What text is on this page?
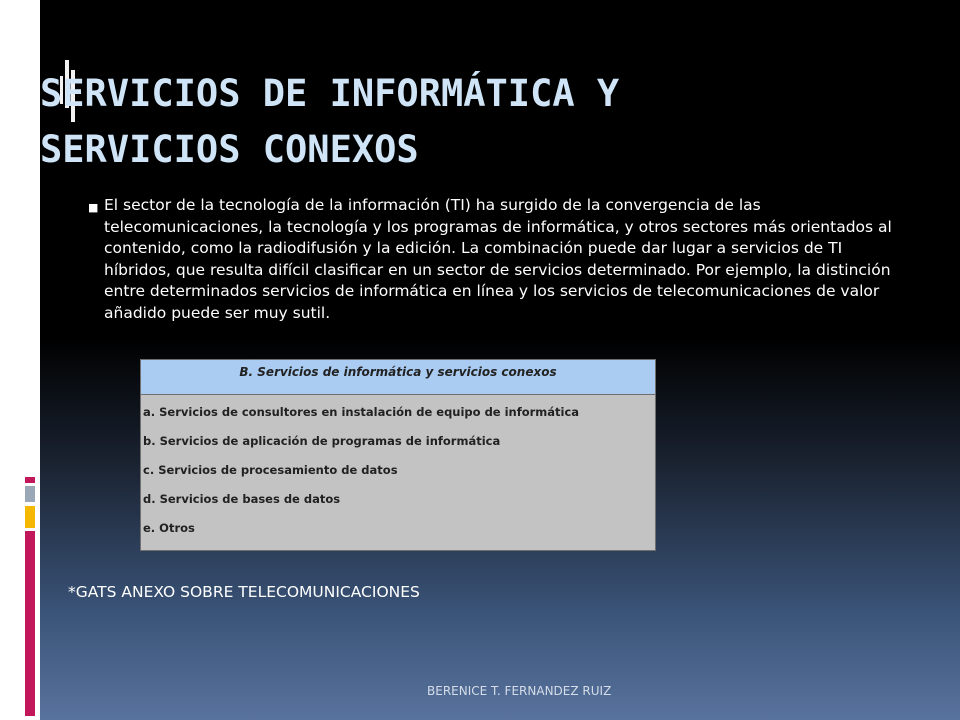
SERVICIOS DE INFORMÁTICA Y
SERVICIOS CONEXOS
■ El sector de la tecnología de la información (TI) ha surgido de la convergencia de las telecomunicaciones, la tecnología y los programas de informática, y otros sectores más orientados al contenido, como la radiodifusión y la edición. La combinación puede dar lugar a servicios de TI híbridos, que resulta difícil clasificar en un sector de servicios determinado. Por ejemplo, la distinción entre determinados servicios de informática en línea y los servicios de telecomunicaciones de valor añadido puede ser muy sutil.

B. Servicios de informática y servicios conexos
a. Servicios de consultores en instalación de equipo de informática
b. Servicios de aplicación de programas de informática
c. Servicios de procesamiento de datos
d. Servicios de bases de datos
e. Otros
*GATS ANEXO SOBRE TELECOMUNICACIONES
BERENICE T. FERNANDEZ RUIZ
